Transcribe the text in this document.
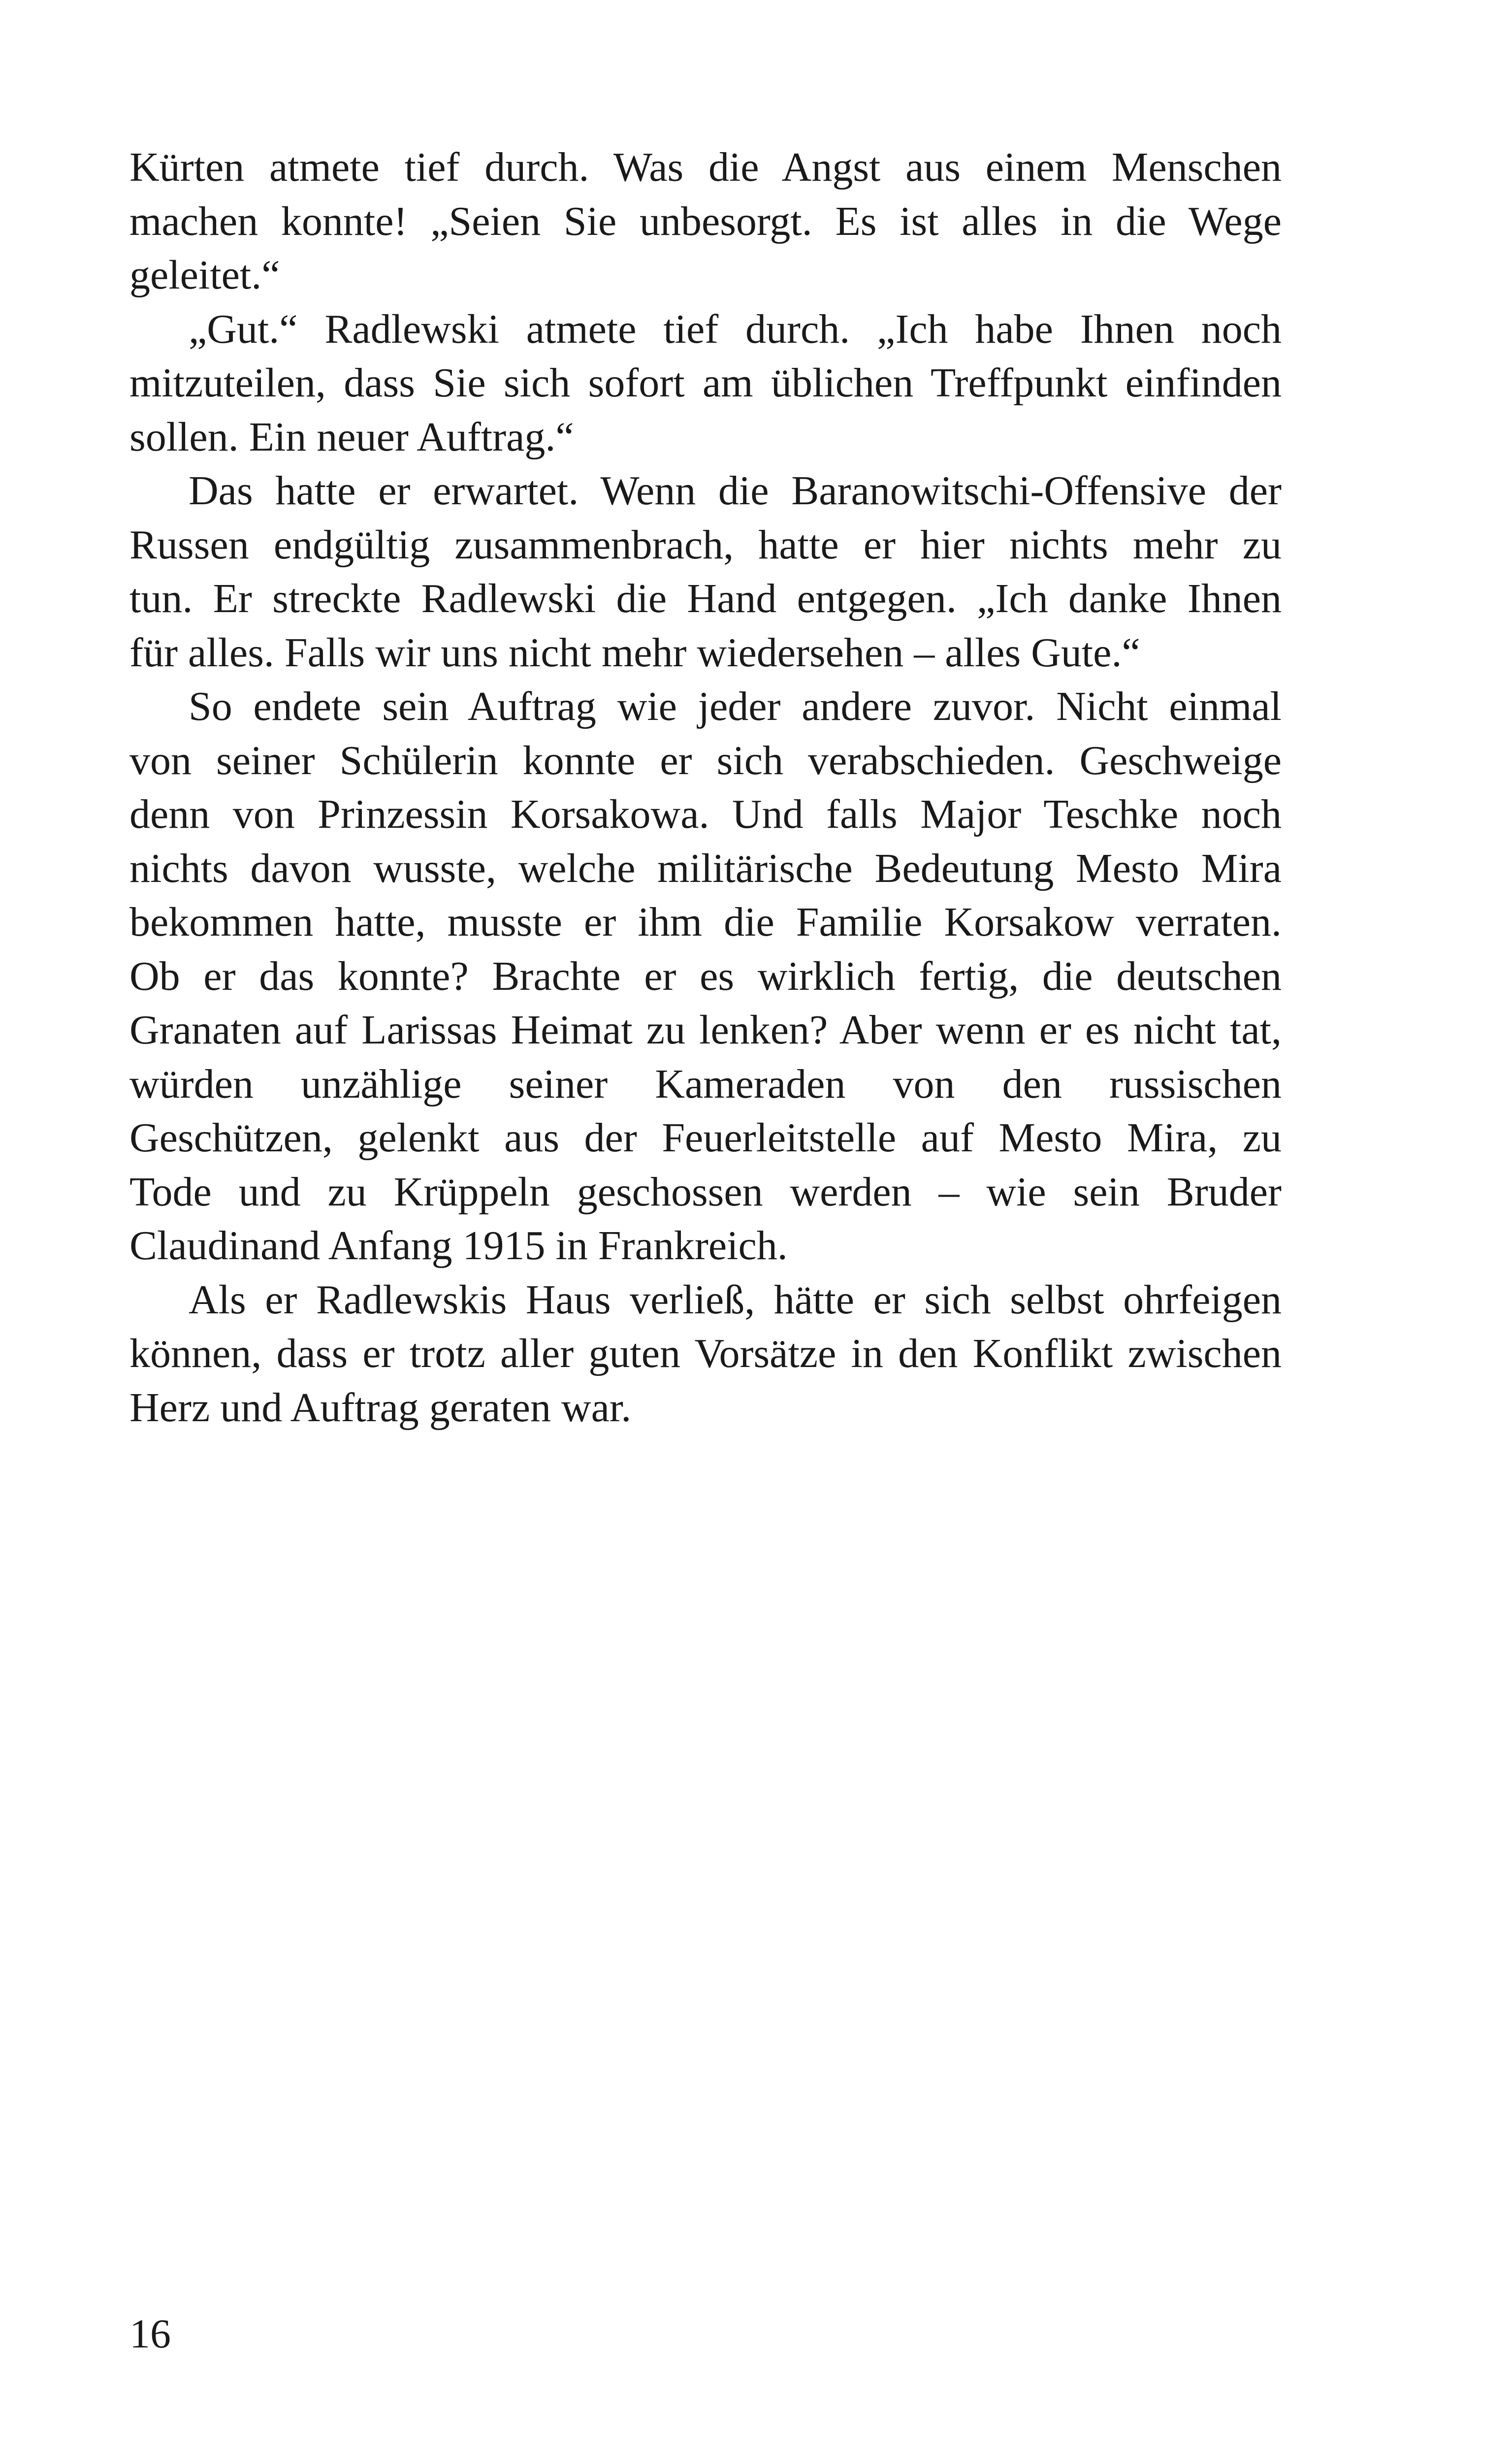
Kürten atmete tief durch. Was die Angst aus einem Menschen
machen konnte! „Seien Sie unbesorgt. Es ist alles in die Wege
geleitet.“
„Gut.“ Radlewski atmete tief durch. „Ich habe Ihnen noch
mitzuteilen, dass Sie sich sofort am üblichen Treffpunkt einfinden
sollen. Ein neuer Auftrag.“
Das hatte er erwartet. Wenn die Baranowitschi-Offensive der
Russen endgültig zusammenbrach, hatte er hier nichts mehr zu
tun. Er streckte Radlewski die Hand entgegen. „Ich danke Ihnen
für alles. Falls wir uns nicht mehr wiedersehen – alles Gute.“
So endete sein Auftrag wie jeder andere zuvor. Nicht einmal
von seiner Schülerin konnte er sich verabschieden. Geschweige
denn von Prinzessin Korsakowa. Und falls Major Teschke noch
nichts davon wusste, welche militärische Bedeutung Mesto Mira
bekommen hatte, musste er ihm die Familie Korsakow verraten.
Ob er das konnte? Brachte er es wirklich fertig, die deutschen
Granaten auf Larissas Heimat zu lenken? Aber wenn er es nicht tat,
würden unzählige seiner Kameraden von den russischen
Geschützen, gelenkt aus der Feuerleitstelle auf Mesto Mira, zu
Tode und zu Krüppeln geschossen werden – wie sein Bruder
Claudinand Anfang 1915 in Frankreich.
Als er Radlewskis Haus verließ, hätte er sich selbst ohrfeigen
können, dass er trotz aller guten Vorsätze in den Konflikt zwischen
Herz und Auftrag geraten war.
16
